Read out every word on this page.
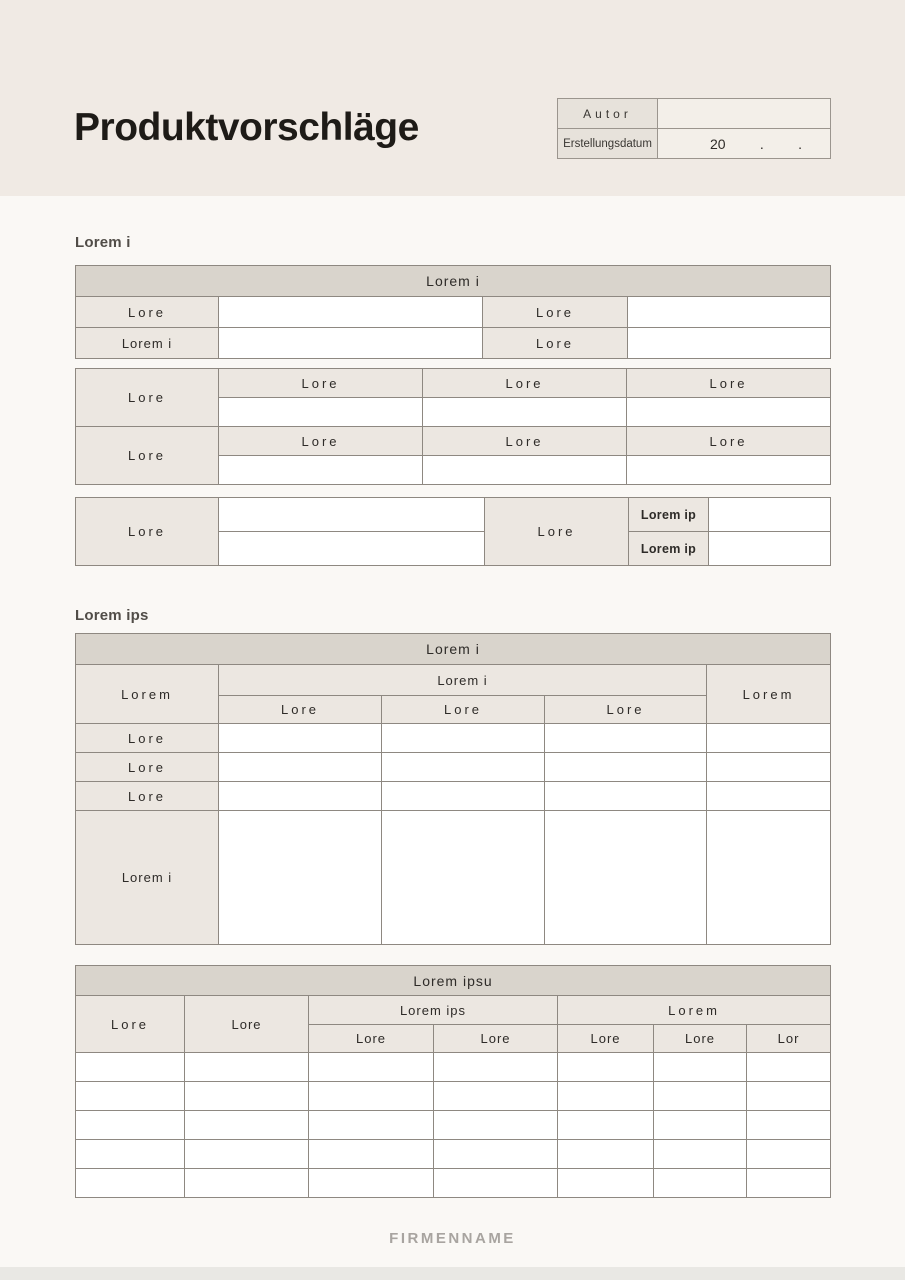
Produktvorschläge	Autor	
Erstellungsdatum	20 . .
Lorem i
Lorem i			
Lore		Lore	
Lorem i		Lore	
Lore	Lore	Lore	Lore

Lore	Lore	Lore	Lore

Lore		Lore	Lorem ip	
			Lorem ip	
Lorem ips
Lorem i				
Lorem	Lorem i			Lorem
	Lore	Lore	Lore	
Lore				
Lore				
Lore				
Lorem i				
Lorem ipsu						
Lore	Lore	Lorem ips		Lorem		
		Lore	Lore	Lore	Lore	Lor

FIRMENNAME
